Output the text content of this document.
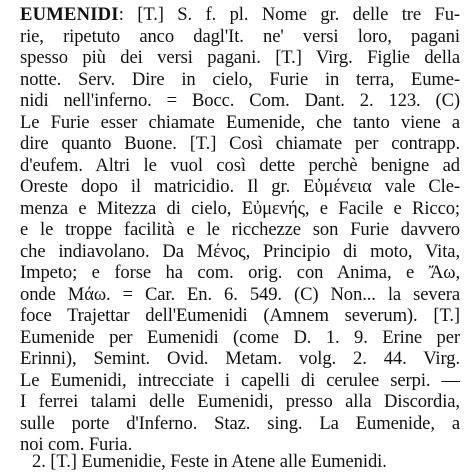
EUMENIDI: [T.] S. f. pl. Nome gr. delle tre Fu-
rie, ripetuto anco dagl'It. ne' versi loro, pagani
spesso più dei versi pagani. [T.] Virg. Figlie della
notte. Serv. Dire in cielo, Furie in terra, Eume-
nidi nell'inferno. = Bocc. Com. Dant. 2. 123. (C)
Le Furie esser chiamate Eumenide, che tanto viene a
dire quanto Buone. [T.] Così chiamate per contrapp.
d'eufem. Altri le vuol così dette perchè benigne ad
Oreste dopo il matricidio. Il gr. Εὐμένεια vale Cle-
menza e Mitezza di cielo, Εὐμενής, e Facile e Ricco;
e le troppe facilità e le ricchezze son Furie davvero
che indiavolano. Da Μένος, Principio di moto, Vita,
Impeto; e forse ha com. orig. con Anima, e Ἄω,
onde Μάω. = Car. En. 6. 549. (C) Non... la severa
foce Trajettar dell'Eumenidi (Amnem severum). [T.]
Eumenide per Eumenidi (come D. 1. 9. Erine per
Erinni), Semint. Ovid. Metam. volg. 2. 44. Virg.
Le Eumenidi, intrecciate i capelli di cerulee serpi. —
I ferrei talami delle Eumenidi, presso alla Discordia,
sulle porte d'Inferno. Staz. sing. La Eumenide, a
noi com. Furia.
2. [T.] Eumenidie, Feste in Atene alle Eumenidi.
